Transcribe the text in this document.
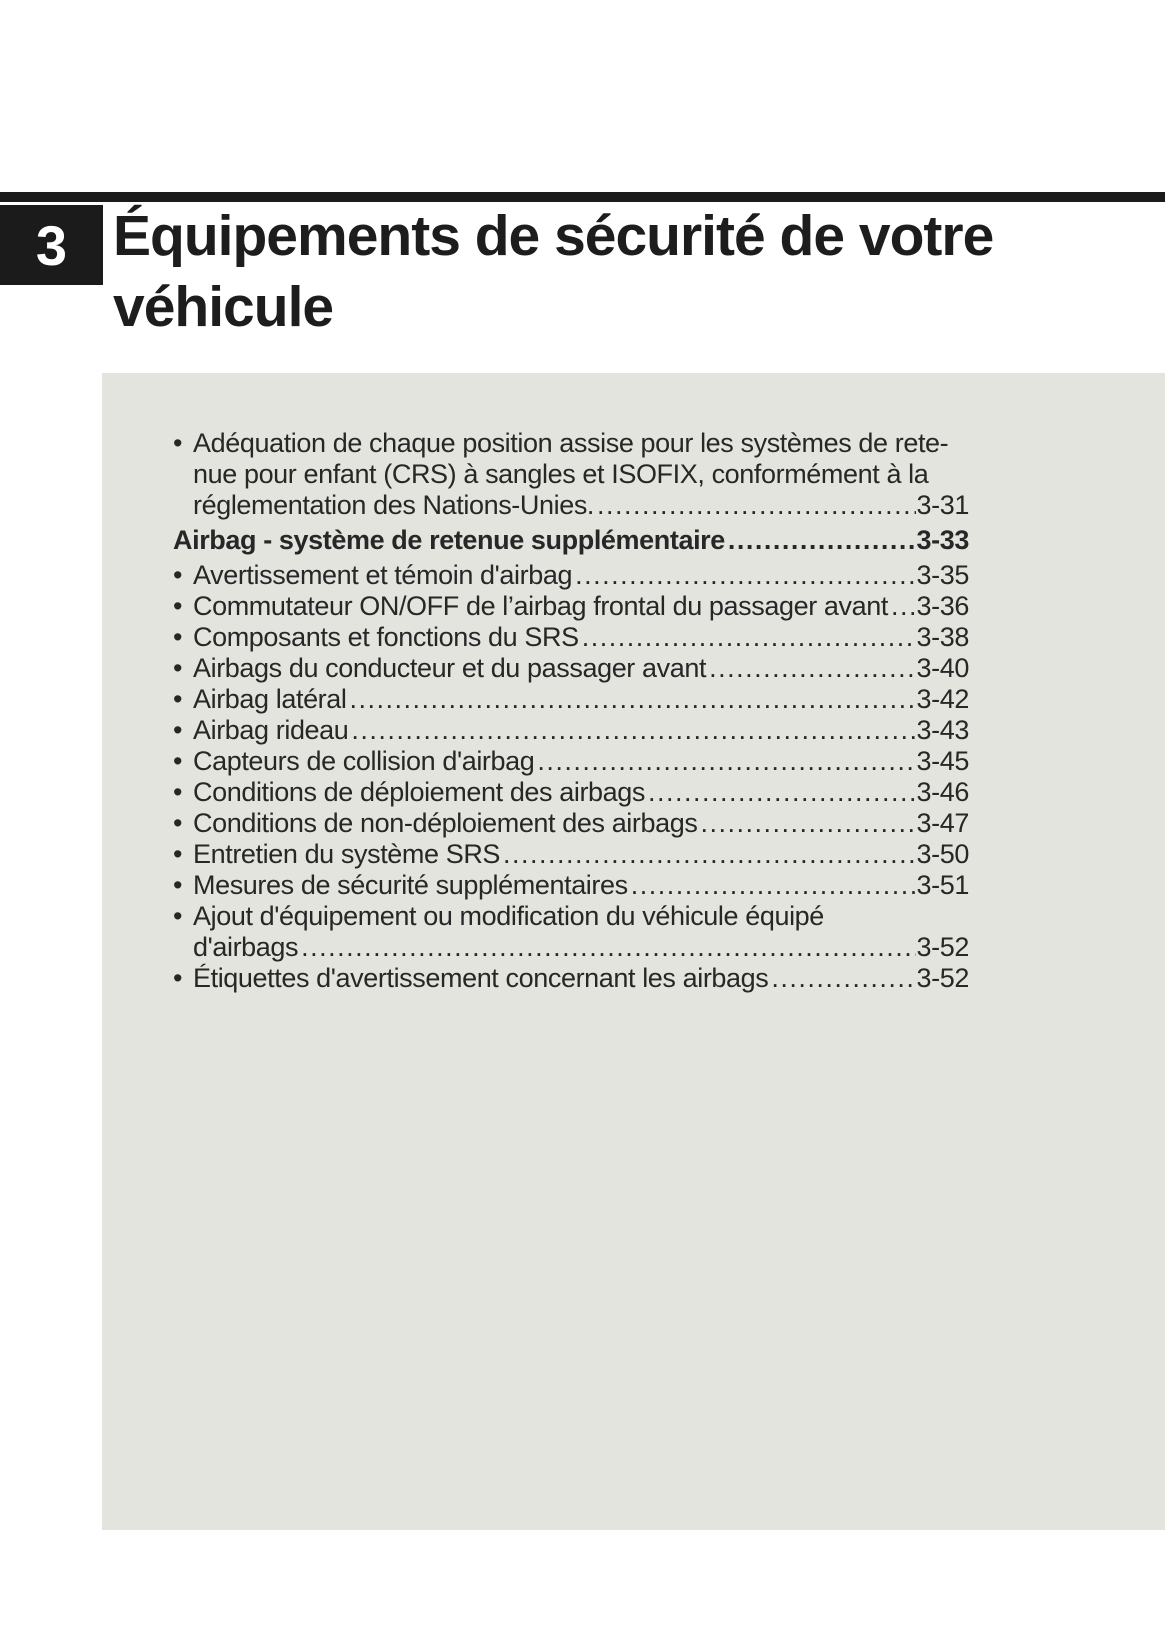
3 Équipements de sécurité de votre
véhicule
• Adéquation de chaque position assise pour les systèmes de rete-
nue pour enfant (CRS) à sangles et ISOFIX, conformément à la
réglementation des Nations-Unies. .....	3-31
Airbag - système de retenue supplémentaire .....	3-33
• Avertissement et témoin d'airbag .....	3-35
• Commutateur ON/OFF de l’airbag frontal du passager avant ..... 3-36
• Composants et fonctions du SRS .....	3-38
• Airbags du conducteur et du passager avant .....	3-40
• Airbag latéral .....	3-42
• Airbag rideau .....	3-43
• Capteurs de collision d'airbag .....	3-45
• Conditions de déploiement des airbags .....	3-46
• Conditions de non-déploiement des airbags .....	3-47
• Entretien du système SRS .....	3-50
• Mesures de sécurité supplémentaires .....	3-51
• Ajout d'équipement ou modification du véhicule équipé
d'airbags .....	3-52
• Étiquettes d'avertissement concernant les airbags .....	3-52
